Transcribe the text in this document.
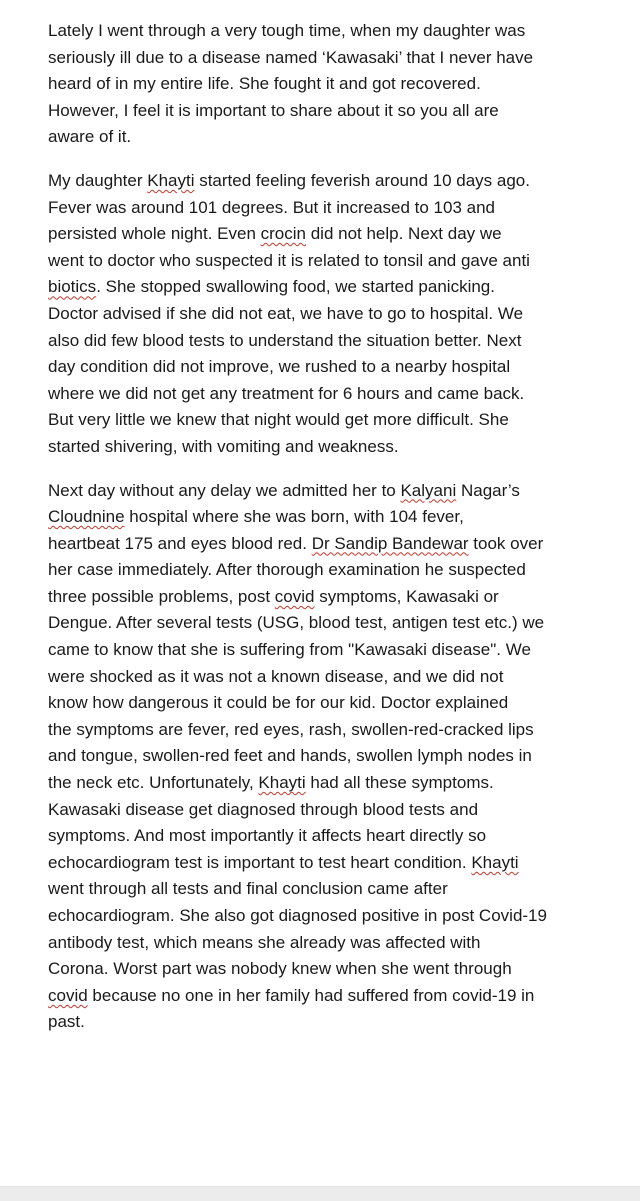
Lately I went through a very tough time, when my daughter was
seriously ill due to a disease named ‘Kawasaki’ that I never have
heard of in my entire life. She fought it and got recovered.
However, I feel it is important to share about it so you all are
aware of it.

My daughter Khayti started feeling feverish around 10 days ago.
Fever was around 101 degrees. But it increased to 103 and
persisted whole night. Even crocin did not help. Next day we
went to doctor who suspected it is related to tonsil and gave anti
biotics. She stopped swallowing food, we started panicking.
Doctor advised if she did not eat, we have to go to hospital. We
also did few blood tests to understand the situation better. Next
day condition did not improve, we rushed to a nearby hospital
where we did not get any treatment for 6 hours and came back.
But very little we knew that night would get more difficult. She
started shivering, with vomiting and weakness.

Next day without any delay we admitted her to Kalyani Nagar’s
Cloudnine hospital where she was born, with 104 fever,
heartbeat 175 and eyes blood red. Dr Sandip Bandewar took over
her case immediately. After thorough examination he suspected
three possible problems, post covid symptoms, Kawasaki or
Dengue. After several tests (USG, blood test, antigen test etc.) we
came to know that she is suffering from "Kawasaki disease". We
were shocked as it was not a known disease, and we did not
know how dangerous it could be for our kid. Doctor explained
the symptoms are fever, red eyes, rash, swollen-red-cracked lips
and tongue, swollen-red feet and hands, swollen lymph nodes in
the neck etc. Unfortunately, Khayti had all these symptoms.
Kawasaki disease get diagnosed through blood tests and
symptoms. And most importantly it affects heart directly so
echocardiogram test is important to test heart condition. Khayti
went through all tests and final conclusion came after
echocardiogram. She also got diagnosed positive in post Covid-19
antibody test, which means she already was affected with
Corona. Worst part was nobody knew when she went through
covid because no one in her family had suffered from covid-19 in
past.
